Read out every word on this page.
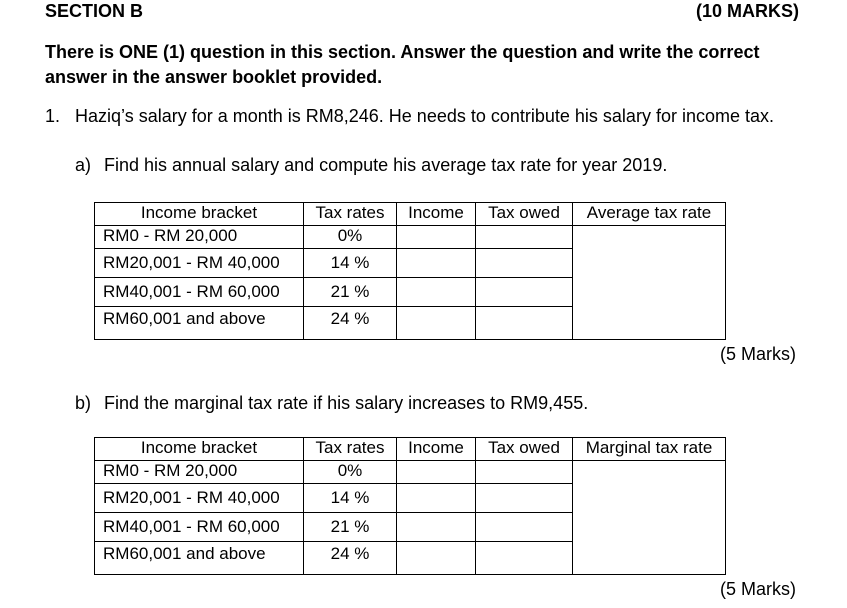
SECTION B	(10 MARKS)
There is ONE (1) question in this section. Answer the question and write the correct answer in the answer booklet provided.
1. Haziq’s salary for a month is RM8,246. He needs to contribute his salary for income tax.
a) Find his annual salary and compute his average tax rate for year 2019.
Income bracket	Tax rates	Income	Tax owed	Average tax rate
RM0 - RM 20,000	0%			
RM20,001 - RM 40,000	14 %			
RM40,001 - RM 60,000	21 %			
RM60,001 and above	24 %			
(5 Marks)
b) Find the marginal tax rate if his salary increases to RM9,455.
Income bracket	Tax rates	Income	Tax owed	Marginal tax rate
RM0 - RM 20,000	0%			
RM20,001 - RM 40,000	14 %			
RM40,001 - RM 60,000	21 %			
RM60,001 and above	24 %			
(5 Marks)
